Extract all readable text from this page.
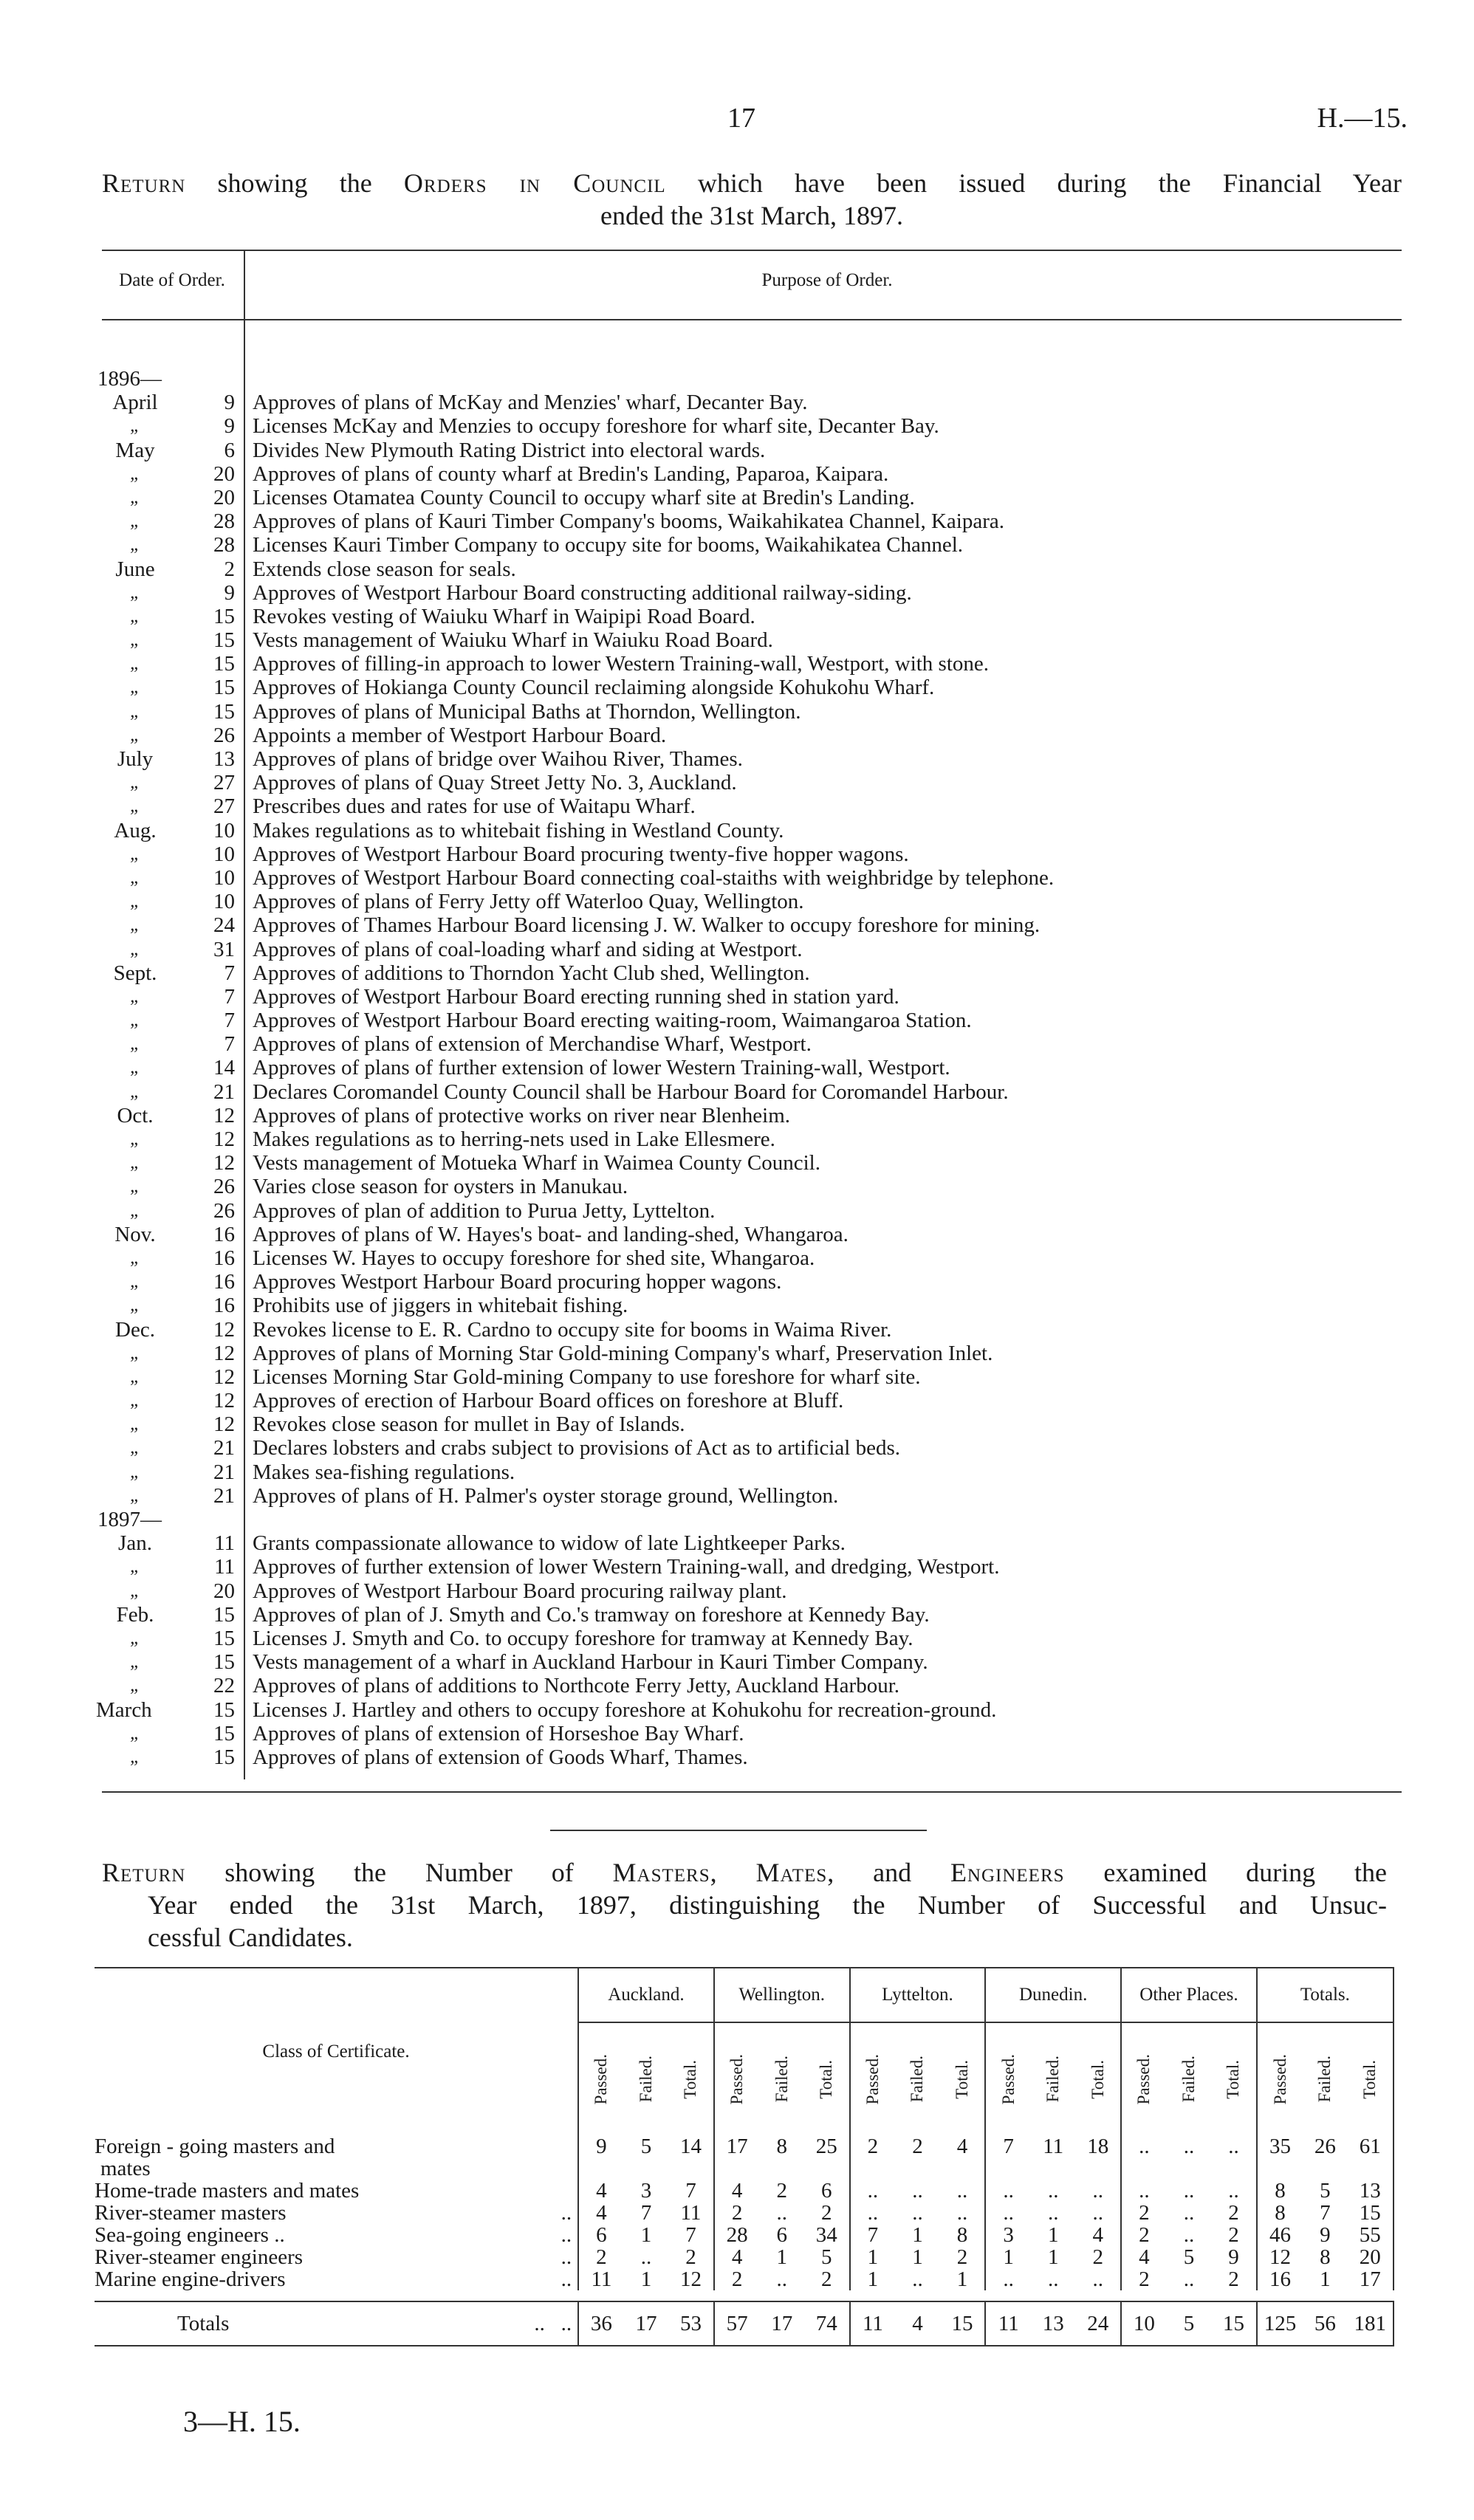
17	H.—15.
Return showing the Orders in Council which have been issued during the Financial Year
ended the 31st March, 1897.
Date of Order.	Purpose of Order.
1896—
April	9 Approves of plans of McKay and Menzies' wharf, Decanter Bay.
„	9 Licenses McKay and Menzies to occupy foreshore for wharf site, Decanter Bay.
May	6 Divides New Plymouth Rating District into electoral wards.
„	20 Approves of plans of county wharf at Bredin's Landing, Paparoa, Kaipara.
„	20 Licenses Otamatea County Council to occupy wharf site at Bredin's Landing.
„	28 Approves of plans of Kauri Timber Company's booms, Waikahikatea Channel, Kaipara.
„	28 Licenses Kauri Timber Company to occupy site for booms, Waikahikatea Channel.
June	2 Extends close season for seals.
„	9 Approves of Westport Harbour Board constructing additional railway-siding.
„	15 Revokes vesting of Waiuku Wharf in Waipipi Road Board.
„	15 Vests management of Waiuku Wharf in Waiuku Road Board.
„	15 Approves of filling-in approach to lower Western Training-wall, Westport, with stone.
„	15 Approves of Hokianga County Council reclaiming alongside Kohukohu Wharf.
„	15 Approves of plans of Municipal Baths at Thorndon, Wellington.
„	26 Appoints a member of Westport Harbour Board.
July	13 Approves of plans of bridge over Waihou River, Thames.
„	27 Approves of plans of Quay Street Jetty No. 3, Auckland.
„	27 Prescribes dues and rates for use of Waitapu Wharf.
Aug.	10 Makes regulations as to whitebait fishing in Westland County.
„	10 Approves of Westport Harbour Board procuring twenty-five hopper wagons.
„	10 Approves of Westport Harbour Board connecting coal-staiths with weighbridge by telephone.
„	10 Approves of plans of Ferry Jetty off Waterloo Quay, Wellington.
„	24 Approves of Thames Harbour Board licensing J. W. Walker to occupy foreshore for mining.
„	31 Approves of plans of coal-loading wharf and siding at Westport.
Sept.	7 Approves of additions to Thorndon Yacht Club shed, Wellington.
„	7 Approves of Westport Harbour Board erecting running shed in station yard.
„	7 Approves of Westport Harbour Board erecting waiting-room, Waimangaroa Station.
„	7 Approves of plans of extension of Merchandise Wharf, Westport.
„	14 Approves of plans of further extension of lower Western Training-wall, Westport.
„	21 Declares Coromandel County Council shall be Harbour Board for Coromandel Harbour.
Oct.	12 Approves of plans of protective works on river near Blenheim.
„	12 Makes regulations as to herring-nets used in Lake Ellesmere.
„	12 Vests management of Motueka Wharf in Waimea County Council.
„	26 Varies close season for oysters in Manukau.
„	26 Approves of plan of addition to Purua Jetty, Lyttelton.
Nov.	16 Approves of plans of W. Hayes's boat- and landing-shed, Whangaroa.
„	16 Licenses W. Hayes to occupy foreshore for shed site, Whangaroa.
„	16 Approves Westport Harbour Board procuring hopper wagons.
„	16 Prohibits use of jiggers in whitebait fishing.
Dec.	12 Revokes license to E. R. Cardno to occupy site for booms in Waima River.
„	12 Approves of plans of Morning Star Gold-mining Company's wharf, Preservation Inlet.
„	12 Licenses Morning Star Gold-mining Company to use foreshore for wharf site.
„	12 Approves of erection of Harbour Board offices on foreshore at Bluff.
„	12 Revokes close season for mullet in Bay of Islands.
„	21 Declares lobsters and crabs subject to provisions of Act as to artificial beds.
„	21 Makes sea-fishing regulations.
„	21 Approves of plans of H. Palmer's oyster storage ground, Wellington.
1897—
Jan.	11 Grants compassionate allowance to widow of late Lightkeeper Parks.
„	11 Approves of further extension of lower Western Training-wall, and dredging, Westport.
„	20 Approves of Westport Harbour Board procuring railway plant.
Feb.	15 Approves of plan of J. Smyth and Co.'s tramway on foreshore at Kennedy Bay.
„	15 Licenses J. Smyth and Co. to occupy foreshore for tramway at Kennedy Bay.
„	15 Vests management of a wharf in Auckland Harbour in Kauri Timber Company.
„	22 Approves of plans of additions to Northcote Ferry Jetty, Auckland Harbour.
March	15 Licenses J. Hartley and others to occupy foreshore at Kohukohu for recreation-ground.
„	15 Approves of plans of extension of Horseshoe Bay Wharf.
„	15 Approves of plans of extension of Goods Wharf, Thames.
Return showing the Number of Masters, Mates, and Engineers examined during the
Year ended the 31st March, 1897, distinguishing the Number of Successful and Unsuc-
cessful Candidates.
Class of Certificate.	Auckland.			Wellington.			Lyttelton.			Dunedin.			Other Places.			Totals.		

	Passed.	Failed.	Total.	Passed.	Failed.	Total.	Passed.	Failed.	Total.	Passed.	Failed.	Total.	Passed.	Failed.	Total.	Passed.	Failed.	Total.

Foreign - going masters and
mates	9	5	14	17	8	25	2	2	4	7	11	18	..	..	..	35	26	61
Home-trade masters and mates	4	3	7	4	2	6	..	..	..	..	..	..	..	..	..	8	5	13
River-steamer masters ..	4	7	11	2	..	2	..	..	..	..	..	..	2	..	2	8	7	15
Sea-going engineers .. ..	6	1	7	28	6	34	7	1	8	3	1	4	2	..	2	46	9	55
River-steamer engineers ..	2	..	2	4	1	5	1	1	2	1	1	2	4	5	9	12	8	20
Marine engine-drivers ..	11	1	12	2	..	2	1	..	1	..	..	..	2	..	2	16	1	17

Totals ..   ..	36	17	53	57	17	74	11	4	15	11	13	24	10	5	15	125	56	181
3—H. 15.
